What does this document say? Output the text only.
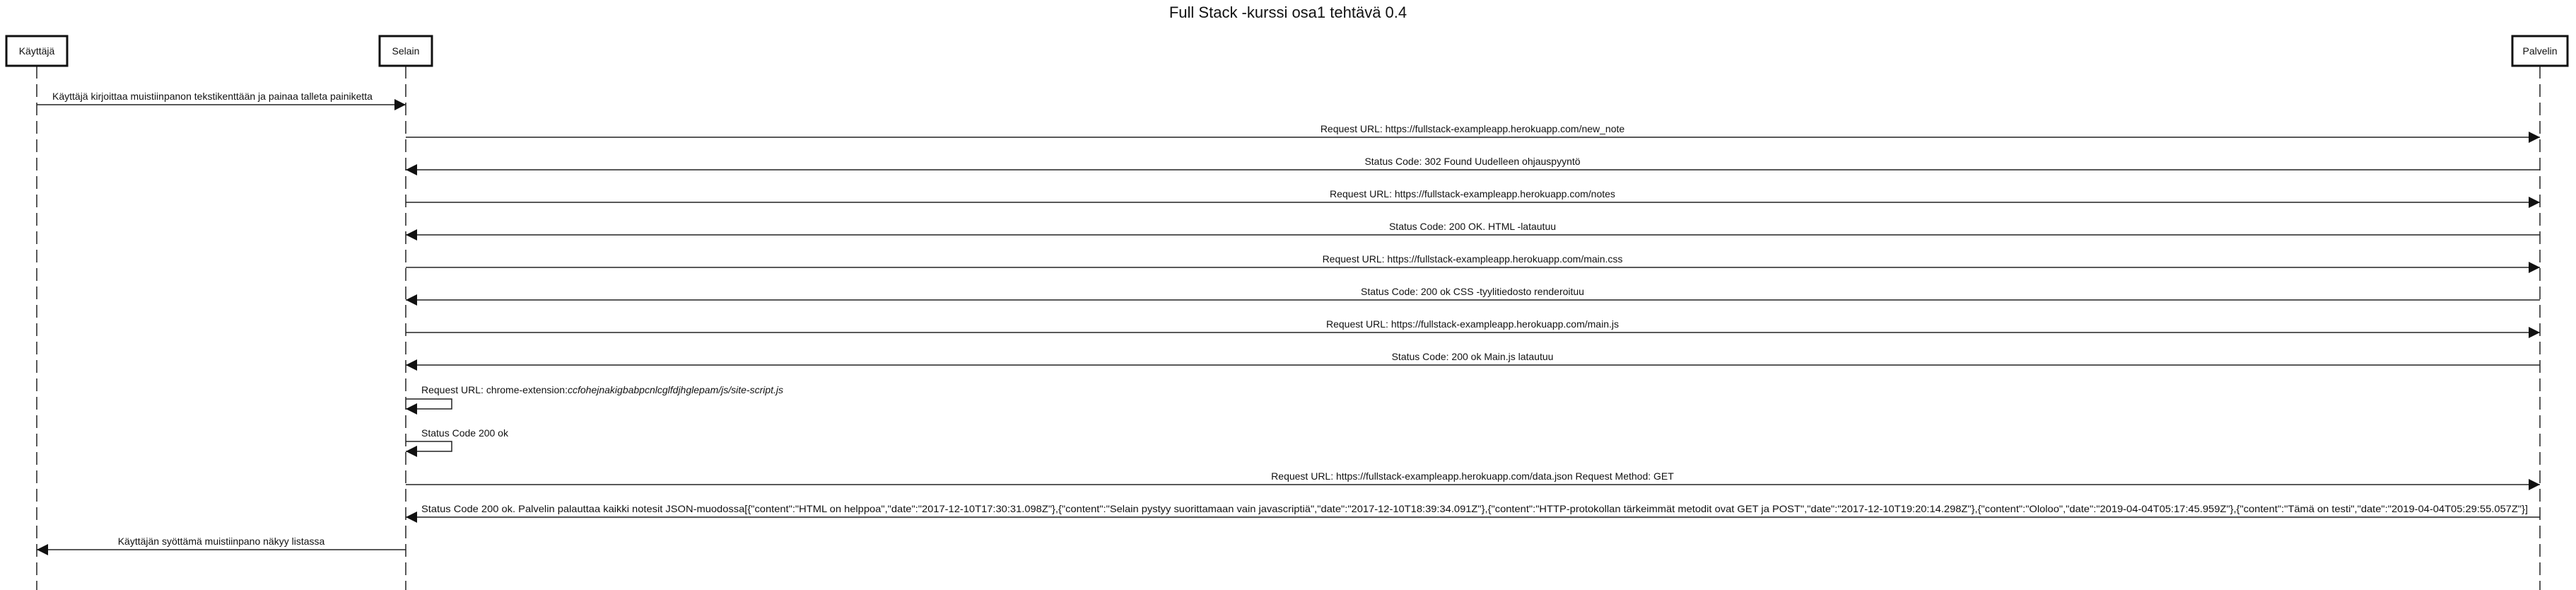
Full Stack -kurssi osa1 tehtävä 0.4
Käyttäjä	Selain	Palvelin
Käyttäjä kirjoittaa muistiinpanon tekstikenttään ja painaa talleta painiketta
Request URL: https://fullstack-exampleapp.herokuapp.com/new_note
Status Code: 302 Found Uudelleen ohjauspyyntö
Request URL: https://fullstack-exampleapp.herokuapp.com/notes
Status Code: 200 OK. HTML -latautuu
Request URL: https://fullstack-exampleapp.herokuapp.com/main.css
Status Code: 200 ok CSS -tyylitiedosto renderoituu
Request URL: https://fullstack-exampleapp.herokuapp.com/main.js
Status Code: 200 ok Main.js latautuu
Request URL: chrome-extension:ccfohejnakigbabpcnlcglfdjhglepam/js/site-script.js
Status Code 200 ok
Request URL: https://fullstack-exampleapp.herokuapp.com/data.json Request Method: GET
Status Code 200 ok. Palvelin palauttaa kaikki notesit JSON-muodossa[{"content":"HTML on helppoa","date":"2017-12-10T17:30:31.098Z"},{"content":"Selain pystyy suorittamaan vain javascriptiä","date":"2017-12-10T18:39:34.091Z"},{"content":"HTTP-protokollan tärkeimmät metodit ovat GET ja POST","date":"2017-12-10T19:20:14.298Z"},{"content":"Ololoo","date":"2019-04-04T05:17:45.959Z"},{"content":"Tämä on testi","date":"2019-04-04T05:29:55.057Z"}]
Käyttäjän syöttämä muistiinpano näkyy listassa
